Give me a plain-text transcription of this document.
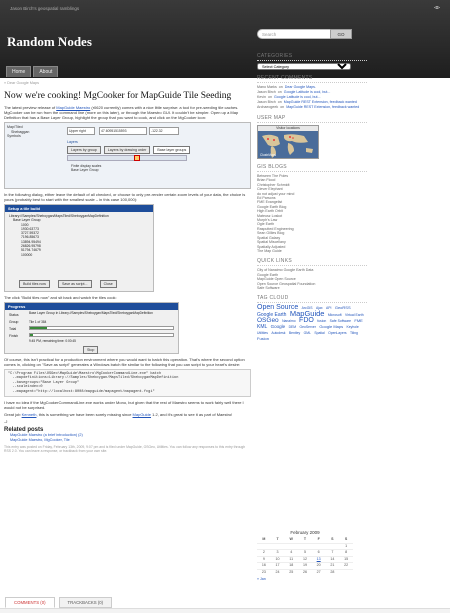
Jason Birch's geospatial ramblings	◃▹
Random Nodes
Home	About
Search	GO
« Dear Google Maps
Now we're cooking! MgCooker for MapGuide Tile Seeding
The latest preview release of MapGuide Maestro (r0620 currently) comes with a nice little surprise: a tool for pre-seeding tile caches. MgCooker can be run from the command line (more on this later), or through the Maestro GUI. It couldn't be simpler. Open up a Map Definition that has a Base Layer Group, highlight the group that you want to cook, and click on the MgCooker icon:
Map/Tiled
Shebaggan
Symbols
Upper right	47.60951515593	-122.32
Layers
Layers by group	Layers by drawing order	Base layer groups
Finite display scales
Base Layer Group
In the following dialog, either leave the default of all checked, or choose to only pre-render certain zoom levels of your data, the choice is yours (probably best to start with the smallest scale – in this case 100,000):
Setup a tile build
Library://Samples/Sheboygan/MapsTiled/SheboyganMapDefinition
Base Layer Group
1000
1930.63773
3727.59372
7196.85673
13894.95494
26826.95798
51794.74679
100000
Build tiles now	Save as script...	Close
The click "Build tiles now" and sit back and watch the tiles cook:
Progress
Status
Group
Total
Finish
Base Layer Group in Library://Samples/Sheboygan/MapsTiled/SheboyganMapDefinition
Tile 1 of 384
9:45 PM, remaining time: 0:00:45
Stop
Of course, this isn't practical for a production environment where you would want to batch this operation. That's where the second option comes in, clicking on "Save as script" generates a Windows batch file similar to the following that you can script to your heart's desire:
"C:\Program Files\OSGeo\MapGuide\Maestro\MgCookerCommandLine.exe" batch
--mapdefinitions=Library://Samples/Sheboygan/MapsTiled/SheboyganMapDefinition
--basegroups="Base Layer Group"
--scaleindex=0
--mapagent="http://localhost:8008/mapguide/mapagent/mapagent.fcgi"
I have no idea if the MgCookerCommandLine.exe works under Mono, but given that the rest of Maestro seems to work fairly well there I would not be surprised.
Great job Kenneth, this is something we have been sorely missing since MapGuide 1.2, and it's great to see it as part of Maestro!
-J
Related posts
MapGuide Maestro (a brief introduction) (2)
MapGuide Maestro, MgCooker, Tile
This entry was posted on Friday, February 13th, 2009, 9:07 pm and is filed under MapGuide, OSGeo, Utilities. You can follow any responses to this entry through RSS 2.0. You can leave a response, or trackback from your own site.
COMMENTS (0)	TRACKBACKS (0)
CATEGORIES
Select Category
RECENT COMMENTS
Mano Marks on Dear Google Maps.
Jason Birch on Google Latitude is cool, but...
Kevin on Google Latitude is cool, but...
Jason Birch on MapGuide REST Extension, feedback wanted
Archaeogeek on MapGuide REST Extension, feedback wanted
USER MAP
Visitor locations
ClustrMaps
GIS BLOGS
Between The Poles
Brian Flood
Christopher Schmidt
Clever Elephant
do not adjust your mind
Ed Parsons
FME Evangelist
Google Earth Blog
High Earth Orbit
Mateusz Loskot
Murph's Law
Ogle Earth
Rasputted Engineering
Sean Gillies Blog
Spatial Galaxy
Spatial Miscellany
Spatially Adjusted
The Map Guide
QUICK LINKS
City of Nanaimo Google Earth Data
Google Earth
MapGuide Open Source
Open Source Geospatial Foundation
Safe Software
TAG CLOUD
Open Source ArcGIS Ajax API GeoRSS Google Earth MapGuide Microsoft Virtual Earth OSGeo Nanaimo FDO fusion Safe Software FME KML Google DEM GeoServer Google Maps Keyhole Utilities Autodesk Bentley GML Spatial OpenLayers Tiling Fusion
February 2009
M	T	W	T	F	S	S
						1
2	3	4	5	6	7	8
9	10	11	12	13	14	15
16	17	18	19	20	21	22
23	24	25	26	27	28	
« Jan
